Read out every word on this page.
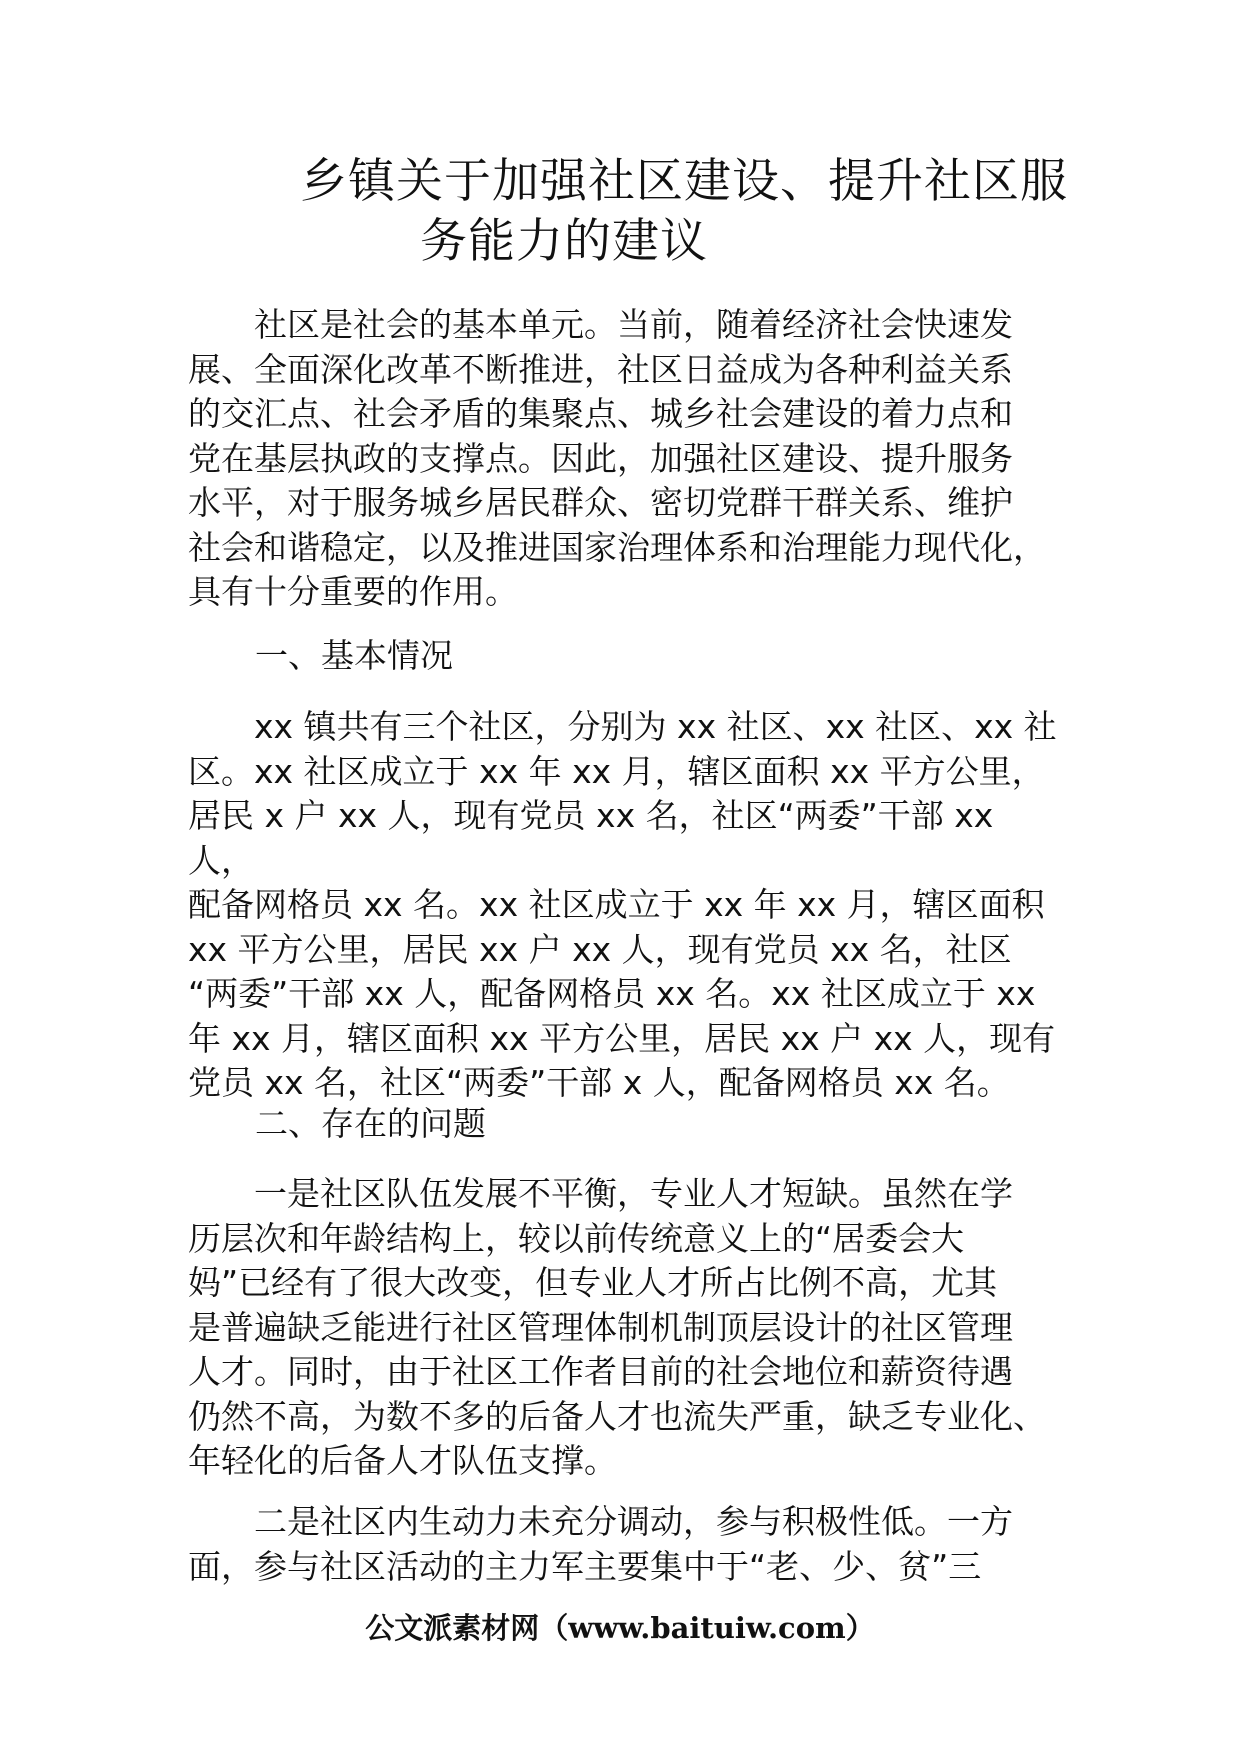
乡镇关于加强社区建设、提升社区服
务能力的建议
　　社区是社会的基本单元。当前，随着经济社会快速发
展、全面深化改革不断推进，社区日益成为各种利益关系
的交汇点、社会矛盾的集聚点、城乡社会建设的着力点和
党在基层执政的支撑点。因此，加强社区建设、提升服务
水平，对于服务城乡居民群众、密切党群干群关系、维护
社会和谐稳定，以及推进国家治理体系和治理能力现代化，
具有十分重要的作用。
一、基本情况
　　xx 镇共有三个社区，分别为 xx 社区、xx 社区、xx 社
区。xx 社区成立于 xx 年 xx 月，辖区面积 xx 平方公里，
居民 x 户 xx 人，现有党员 xx 名，社区“两委”干部 xx 人，
配备网格员 xx 名。xx 社区成立于 xx 年 xx 月，辖区面积
xx 平方公里，居民 xx 户 xx 人，现有党员 xx 名，社区
“两委”干部 xx 人，配备网格员 xx 名。xx 社区成立于 xx
年 xx 月，辖区面积 xx 平方公里，居民 xx 户 xx 人，现有
党员 xx 名，社区“两委”干部 x 人，配备网格员 xx 名。
二、存在的问题
　　一是社区队伍发展不平衡，专业人才短缺。虽然在学
历层次和年龄结构上，较以前传统意义上的“居委会大
妈”已经有了很大改变，但专业人才所占比例不高，尤其
是普遍缺乏能进行社区管理体制机制顶层设计的社区管理
人才。同时，由于社区工作者目前的社会地位和薪资待遇
仍然不高，为数不多的后备人才也流失严重，缺乏专业化、
年轻化的后备人才队伍支撑。
　　二是社区内生动力未充分调动，参与积极性低。一方
面，参与社区活动的主力军主要集中于“老、少、贫”三
公文派素材网（www.baituiw.com）
